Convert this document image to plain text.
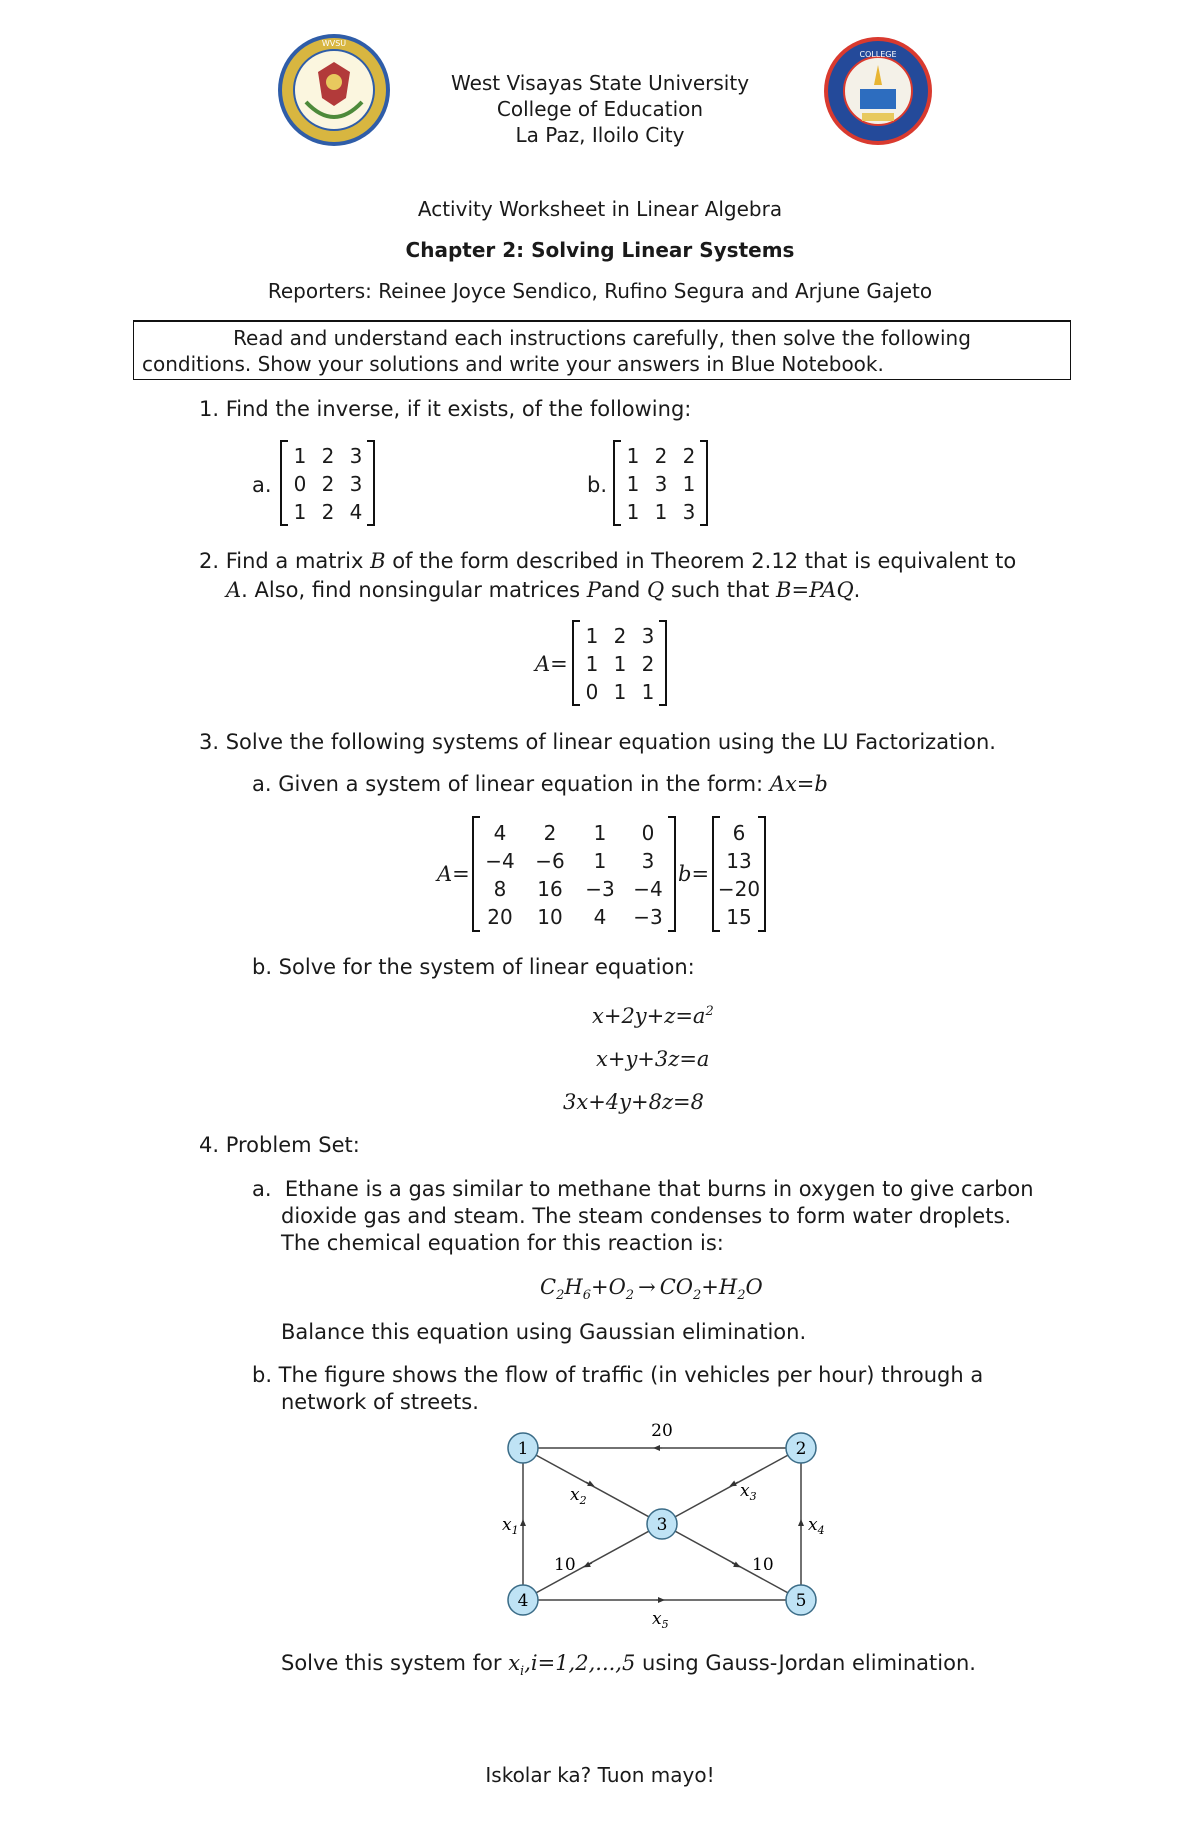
WVSU
COLLEGE
West Visayas State University
College of Education
La Paz, Iloilo City
Activity Worksheet in Linear Algebra
Chapter 2: Solving Linear Systems
Reporters: Reinee Joyce Sendico, Rufino Segura and Arjune Gajeto
Read and understand each instructions carefully, then solve the following
conditions. Show your solutions and write your answers in Blue Notebook.
1. Find the inverse, if it exists, of the following:
a.
1 2 3
0 2 3
1 2 4
b.
1 2 2
1 3 1
1 1 3
2. Find a matrix B of the form described in Theorem 2.12 that is equivalent to
A. Also, find nonsingular matrices Pand Q such that B=PAQ.
A=
1 2 3
1 1 2
0 1 1
3. Solve the following systems of linear equation using the LU Factorization.
a. Given a system of linear equation in the form: Ax=b
A=
4	2	1	0
−4 −6	1	3
8	16	−3 −4
20	10	4	−3
b=
6
13
−20
15
b. Solve for the system of linear equation:
$x+2y+z=a^2$
x+y+3z=a
3x+4y+8z=8
4. Problem Set:
a.  Ethane is a gas similar to methane that burns in oxygen to give carbon
dioxide gas and steam. The steam condenses to form water droplets.
The chemical equation for this reaction is:
$C_2H_6+O_2 \to CO_2+H_2O$
Balance this equation using Gaussian elimination.
b. The figure shows the flow of traffic (in vehicles per hour) through a
network of streets.
1	2
3
4	5
20
$x_1$
$x_2$	$x_3$
$x_4$
$x_5$
10	10
Solve this system for $x_i,i=1,2,...,5$ using Gauss-Jordan elimination.
Iskolar ka? Tuon mayo!
